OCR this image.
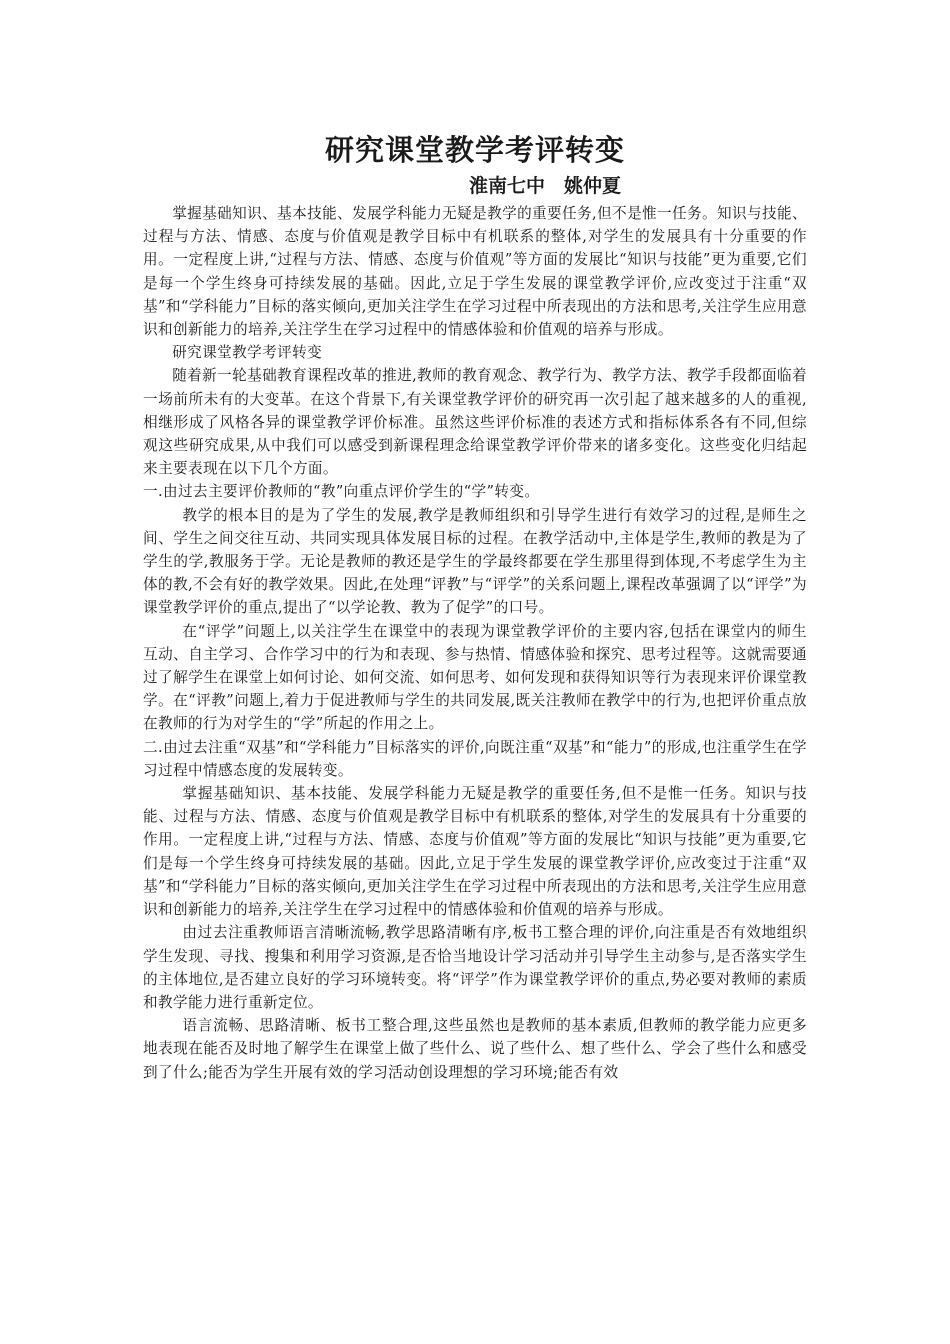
研究课堂教学考评转变
淮南七中　姚仲夏

掌握基础知识、基本技能、发展学科能力无疑是教学的重要任务,但不是惟一任务。知识与技能、过程与方法、情感、态度与价值观是教学目标中有机联系的整体,对学生的发展具有十分重要的作用。一定程度上讲,“过程与方法、情感、态度与价值观”等方面的发展比“知识与技能”更为重要,它们是每一个学生终身可持续发展的基础。因此,立足于学生发展的课堂教学评价,应改变过于注重“双基”和“学科能力”目标的落实倾向,更加关注学生在学习过程中所表现出的方法和思考,关注学生应用意识和创新能力的培养,关注学生在学习过程中的情感体验和价值观的培养与形成。

研究课堂教学考评转变

随着新一轮基础教育课程改革的推进,教师的教育观念、教学行为、教学方法、教学手段都面临着一场前所未有的大变革。在这个背景下,有关课堂教学评价的研究再一次引起了越来越多的人的重视,相继形成了风格各异的课堂教学评价标准。虽然这些评价标准的表述方式和指标体系各有不同,但综观这些研究成果,从中我们可以感受到新课程理念给课堂教学评价带来的诸多变化。这些变化归结起来主要表现在以下几个方面。

一.由过去主要评价教师的“教”向重点评价学生的“学”转变。

教学的根本目的是为了学生的发展,教学是教师组织和引导学生进行有效学习的过程,是师生之间、学生之间交往互动、共同实现具体发展目标的过程。在教学活动中,主体是学生,教师的教是为了学生的学,教服务于学。无论是教师的教还是学生的学最终都要在学生那里得到体现,不考虑学生为主体的教,不会有好的教学效果。因此,在处理“评教”与“评学”的关系问题上,课程改革强调了以“评学”为课堂教学评价的重点,提出了“以学论教、教为了促学”的口号。

在“评学”问题上,以关注学生在课堂中的表现为课堂教学评价的主要内容,包括在课堂内的师生互动、自主学习、合作学习中的行为和表现、参与热情、情感体验和探究、思考过程等。这就需要通过了解学生在课堂上如何讨论、如何交流、如何思考、如何发现和获得知识等行为表现来评价课堂教学。在“评教”问题上,着力于促进教师与学生的共同发展,既关注教师在教学中的行为,也把评价重点放在教师的行为对学生的“学”所起的作用之上。

二.由过去注重“双基”和“学科能力”目标落实的评价,向既注重“双基”和“能力”的形成,也注重学生在学习过程中情感态度的发展转变。

掌握基础知识、基本技能、发展学科能力无疑是教学的重要任务,但不是惟一任务。知识与技能、过程与方法、情感、态度与价值观是教学目标中有机联系的整体,对学生的发展具有十分重要的作用。一定程度上讲,“过程与方法、情感、态度与价值观”等方面的发展比“知识与技能”更为重要,它们是每一个学生终身可持续发展的基础。因此,立足于学生发展的课堂教学评价,应改变过于注重“双基”和“学科能力”目标的落实倾向,更加关注学生在学习过程中所表现出的方法和思考,关注学生应用意识和创新能力的培养,关注学生在学习过程中的情感体验和价值观的培养与形成。

由过去注重教师语言清晰流畅,教学思路清晰有序,板书工整合理的评价,向注重是否有效地组织学生发现、寻找、搜集和利用学习资源,是否恰当地设计学习活动并引导学生主动参与,是否落实学生的主体地位,是否建立良好的学习环境转变。将“评学”作为课堂教学评价的重点,势必要对教师的素质和教学能力进行重新定位。

语言流畅、思路清晰、板书工整合理,这些虽然也是教师的基本素质,但教师的教学能力应更多地表现在能否及时地了解学生在课堂上做了些什么、说了些什么、想了些什么、学会了些什么和感受到了什么;能否为学生开展有效的学习活动创设理想的学习环境;能否有效
